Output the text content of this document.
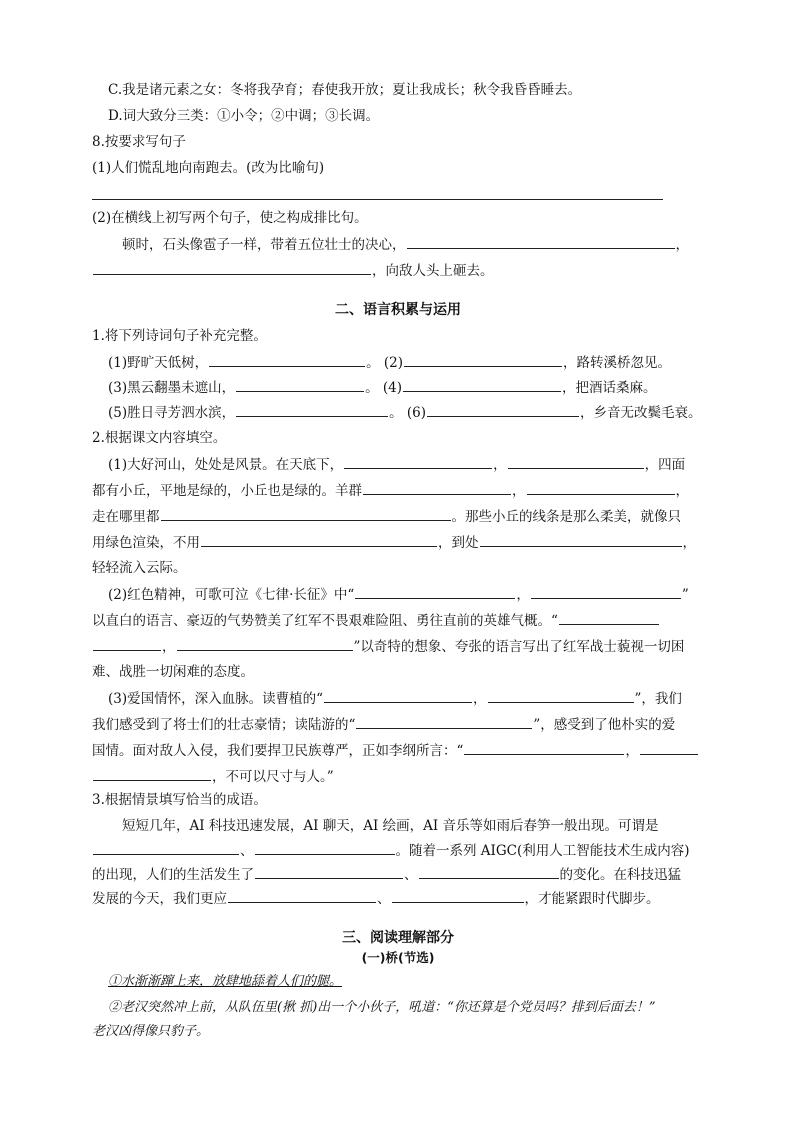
C.我是诸元素之女：冬将我孕育；春使我开放；夏让我成长；秋令我昏昏睡去。
D.词大致分三类：①小令；②中调；③长调。
8.按要求写句子
(1)人们慌乱地向南跑去。(改为比喻句)
(2)在横线上初写两个句子，使之构成排比句。
顿时，石头像雹子一样，带着五位壮士的决心，	，
，向敌人头上砸去。
二、语言积累与运用
1.将下列诗词句子补充完整。
(1)野旷天低树，	。 (2)	，路转溪桥忽见。
(3)黑云翻墨未遮山，	。 (4)	，把酒话桑麻。
(5)胜日寻芳泗水滨，	。 (6)	，乡音无改鬓毛衰。
2.根据课文内容填空。
(1)大好河山，处处是风景。在天底下，	，	，四面
都有小丘，平地是绿的，小丘也是绿的。羊群	，	，
走在哪里都	。那些小丘的线条是那么柔美，就像只
用绿色渲染，不用	，到处	，
轻轻流入云际。
(2)红色精神，可歌可泣《七律·长征》中“	，	”
以直白的语言、豪迈的气势赞美了红军不畏艰难险阻、勇往直前的英雄气概。“
，	”以奇特的想象、夸张的语言写出了红军战士藐视一切困
难、战胜一切闲难的态度。
(3)爱国情怀，深入血脉。读曹植的“	，	”，我们
我们感受到了将士们的壮志豪情；读陆游的“	”，感受到了他朴实的爱
国情。面对敌人入侵，我们要捍卫民族尊严，正如李纲所言：“	，
，不可以尺寸与人。”
3.根据情景填写恰当的成语。
短短几年，AI 科技迅速发展，AI 聊天，AI 绘画，AI 音乐等如雨后春笋一般出现。可谓是
、	。随着一系列 AIGC(利用人工智能技术生成内容)
的出现，人们的生活发生了	、	的变化。在科技迅猛
发展的今天，我们更应	、	，才能紧跟时代脚步。
三、阅读理解部分
(一)桥(节选)
①水渐渐蹿上来，放肆地舔着人们的腿。
②老汉突然冲上前，从队伍里(揪 抓)出一个小伙子，吼道：“你还算是个党员吗？排到后面去！”
老汉凶得像只豹子。
